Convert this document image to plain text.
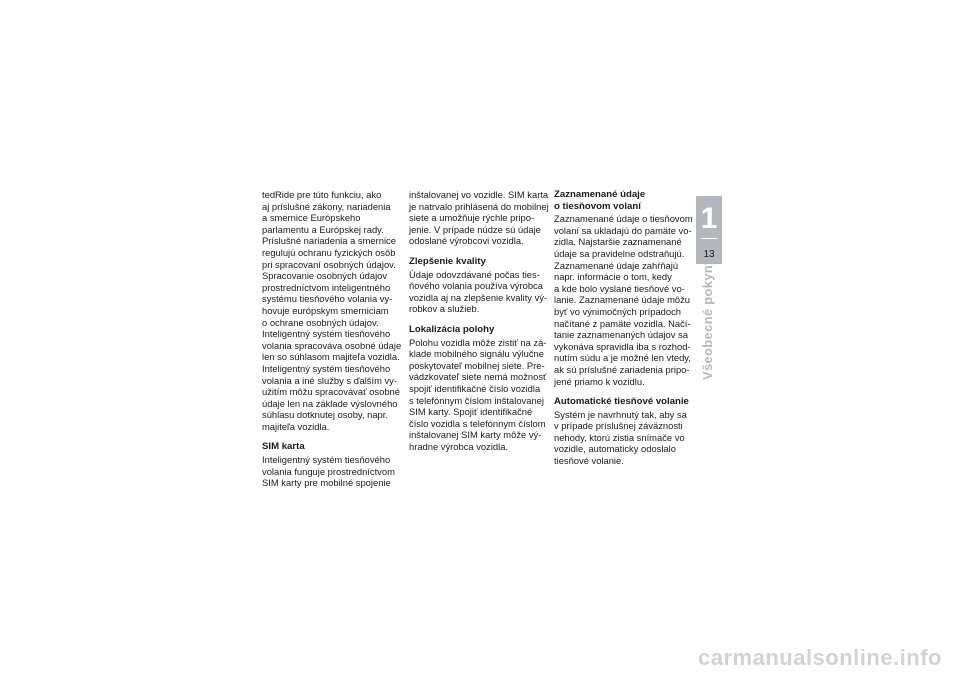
tedRide pre túto funkciu, ako
aj príslušné zákony, nariadenia
a smernice Európskeho
parlamentu a Európskej rady.
Príslušné nariadenia a smernice
regulujú ochranu fyzických osôb
pri spracovaní osobných údajov.
Spracovanie osobných údajov
prostredníctvom inteligentného
systému tiesňového volania vy-
hovuje európskym smerniciam
o ochrane osobných údajov.
Inteligentný systém tiesňového
volania spracováva osobné údaje
len so súhlasom majiteľa vozidla.
Inteligentný systém tiesňového
volania a iné služby s ďalším vy-
užitím môžu spracovávať osobné
údaje len na základe výslovného
súhlasu dotknutej osoby, napr.
majiteľa vozidla.

SIM karta

Inteligentný systém tiesňového
volania funguje prostredníctvom
SIM karty pre mobilné spojenie

inštalovanej vo vozidle. SIM karta
je natrvalo prihlásená do mobilnej
siete a umožňuje rýchle pripo-
jenie. V prípade núdze sú údaje
odoslané výrobcovi vozidla.

Zlepšenie kvality

Údaje odovzdávané počas ties-
ňového volania používa výrobca
vozidla aj na zlepšenie kvality vý-
robkov a služieb.

Lokalizácia polohy

Polohu vozidla môže zistiť na zá-
klade mobilného signálu výlučne
poskytovateľ mobilnej siete. Pre-
vádzkovateľ siete nemá možnosť
spojiť identifikačné číslo vozidla
s telefónnym číslom inštalovanej
SIM karty. Spojiť identifikačné
číslo vozidla s telefónnym číslom
inštalovanej SIM karty môže vý-
hradne výrobca vozidla.

Zaznamenané údaje
o tiesňovom volaní

Zaznamenané údaje o tiesňovom
volaní sa ukladajú do pamäte vo-
zidla. Najstaršie zaznamenané
údaje sa pravidelne odstraňujú.
Zaznamenané údaje zahŕňajú
napr. informácie o tom, kedy
a kde bolo vyslané tiesňové vo-
lanie. Zaznamenané údaje môžu
byť vo výnimočných prípadoch
načítané z pamäte vozidla. Načí-
tanie zaznamenaných údajov sa
vykonáva spravidla iba s rozhod-
nutím súdu a je možné len vtedy,
ak sú príslušné zariadenia pripo-
jené priamo k vozidlu.

Automatické tiesňové volanie

Systém je navrhnutý tak, aby sa
v prípade príslušnej záväznosti
nehody, ktorú zistia snímače vo
vozidle, automaticky odoslalo
tiesňové volanie.

1
13
Všeobecné pokyny
carmanualsonline.info
